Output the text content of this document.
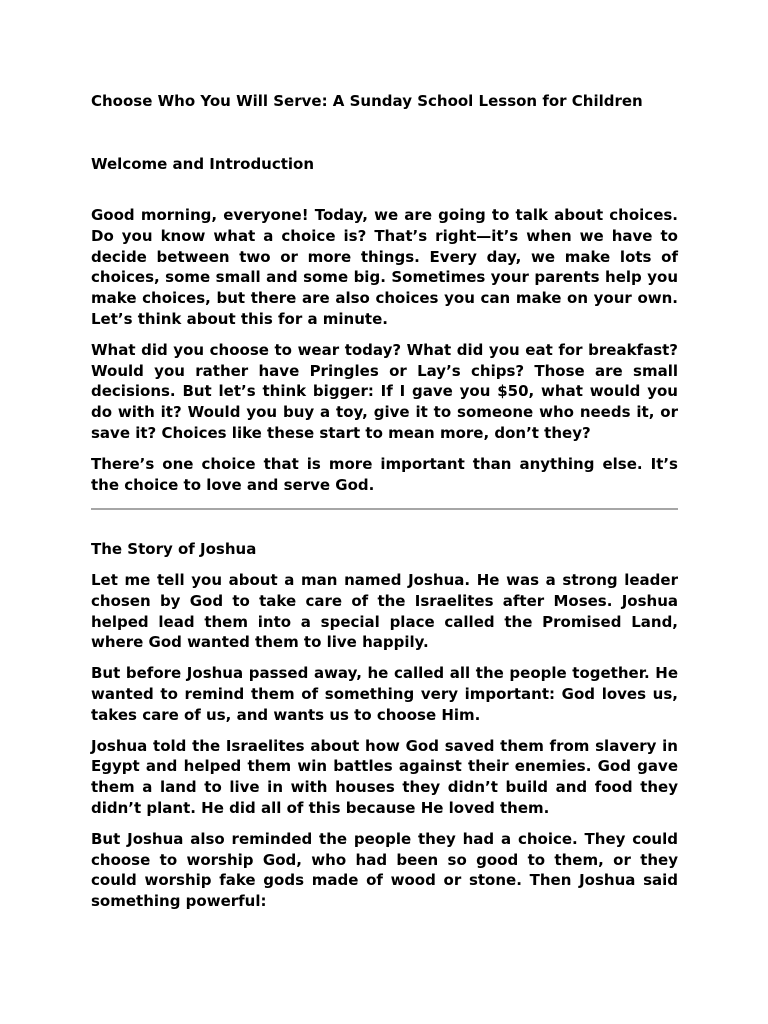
Choose Who You Will Serve: A Sunday School Lesson for Children
Welcome and Introduction

Good morning, everyone! Today, we are going to talk about choices. Do you know what a choice is? That’s right—it’s when we have to decide between two or more things. Every day, we make lots of choices, some small and some big. Sometimes your parents help you make choices, but there are also choices you can make on your own. Let’s think about this for a minute.

What did you choose to wear today? What did you eat for breakfast? Would you rather have Pringles or Lay’s chips? Those are small decisions. But let’s think bigger: If I gave you $50, what would you do with it? Would you buy a toy, give it to someone who needs it, or save it? Choices like these start to mean more, don’t they?

There’s one choice that is more important than anything else. It’s the choice to love and serve God.

The Story of Joshua

Let me tell you about a man named Joshua. He was a strong leader chosen by God to take care of the Israelites after Moses. Joshua helped lead them into a special place called the Promised Land, where God wanted them to live happily.

But before Joshua passed away, he called all the people together. He wanted to remind them of something very important: God loves us, takes care of us, and wants us to choose Him.

Joshua told the Israelites about how God saved them from slavery in Egypt and helped them win battles against their enemies. God gave them a land to live in with houses they didn’t build and food they didn’t plant. He did all of this because He loved them.

But Joshua also reminded the people they had a choice. They could choose to worship God, who had been so good to them, or they could worship fake gods made of wood or stone. Then Joshua said something powerful:
